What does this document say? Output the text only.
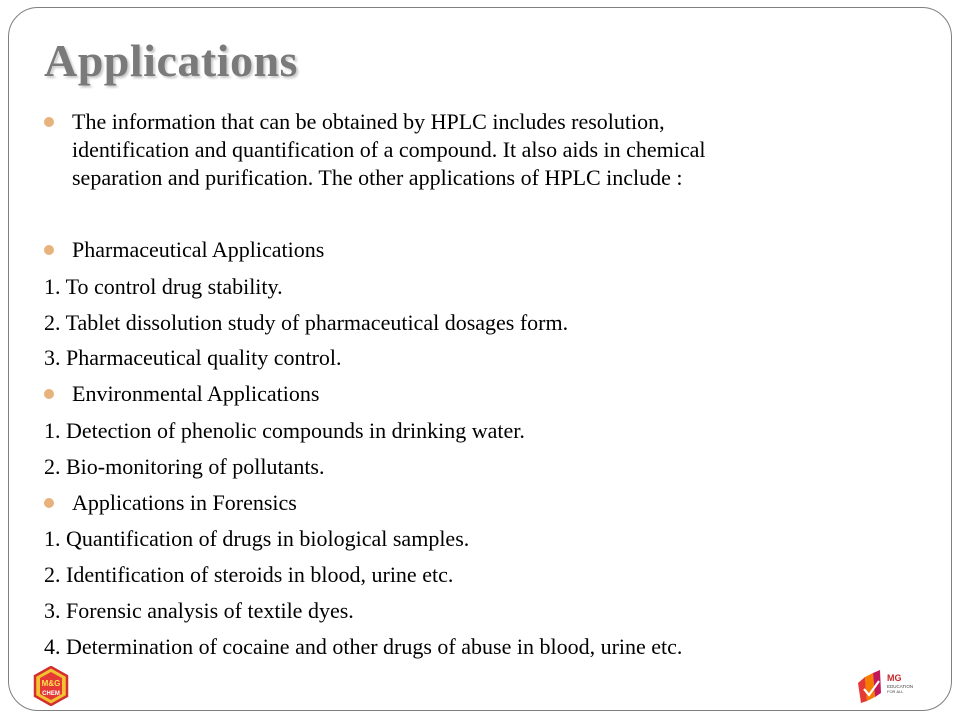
Applications
The information that can be obtained by HPLC includes resolution,
identification and quantification of a compound. It also aids in chemical
separation and purification. The other applications of HPLC include :
Pharmaceutical Applications
1. To control drug stability.
2. Tablet dissolution study of pharmaceutical dosages form.
3. Pharmaceutical quality control.
Environmental Applications
1. Detection of phenolic compounds in drinking water.
2. Bio-monitoring of pollutants.
Applications in Forensics
1. Quantification of drugs in biological samples.
2. Identification of steroids in blood, urine etc.
3. Forensic analysis of textile dyes.
4. Determination of cocaine and other drugs of abuse in blood, urine etc.
M&G
CHEM
MG
EDUCATION
FOR ALL
